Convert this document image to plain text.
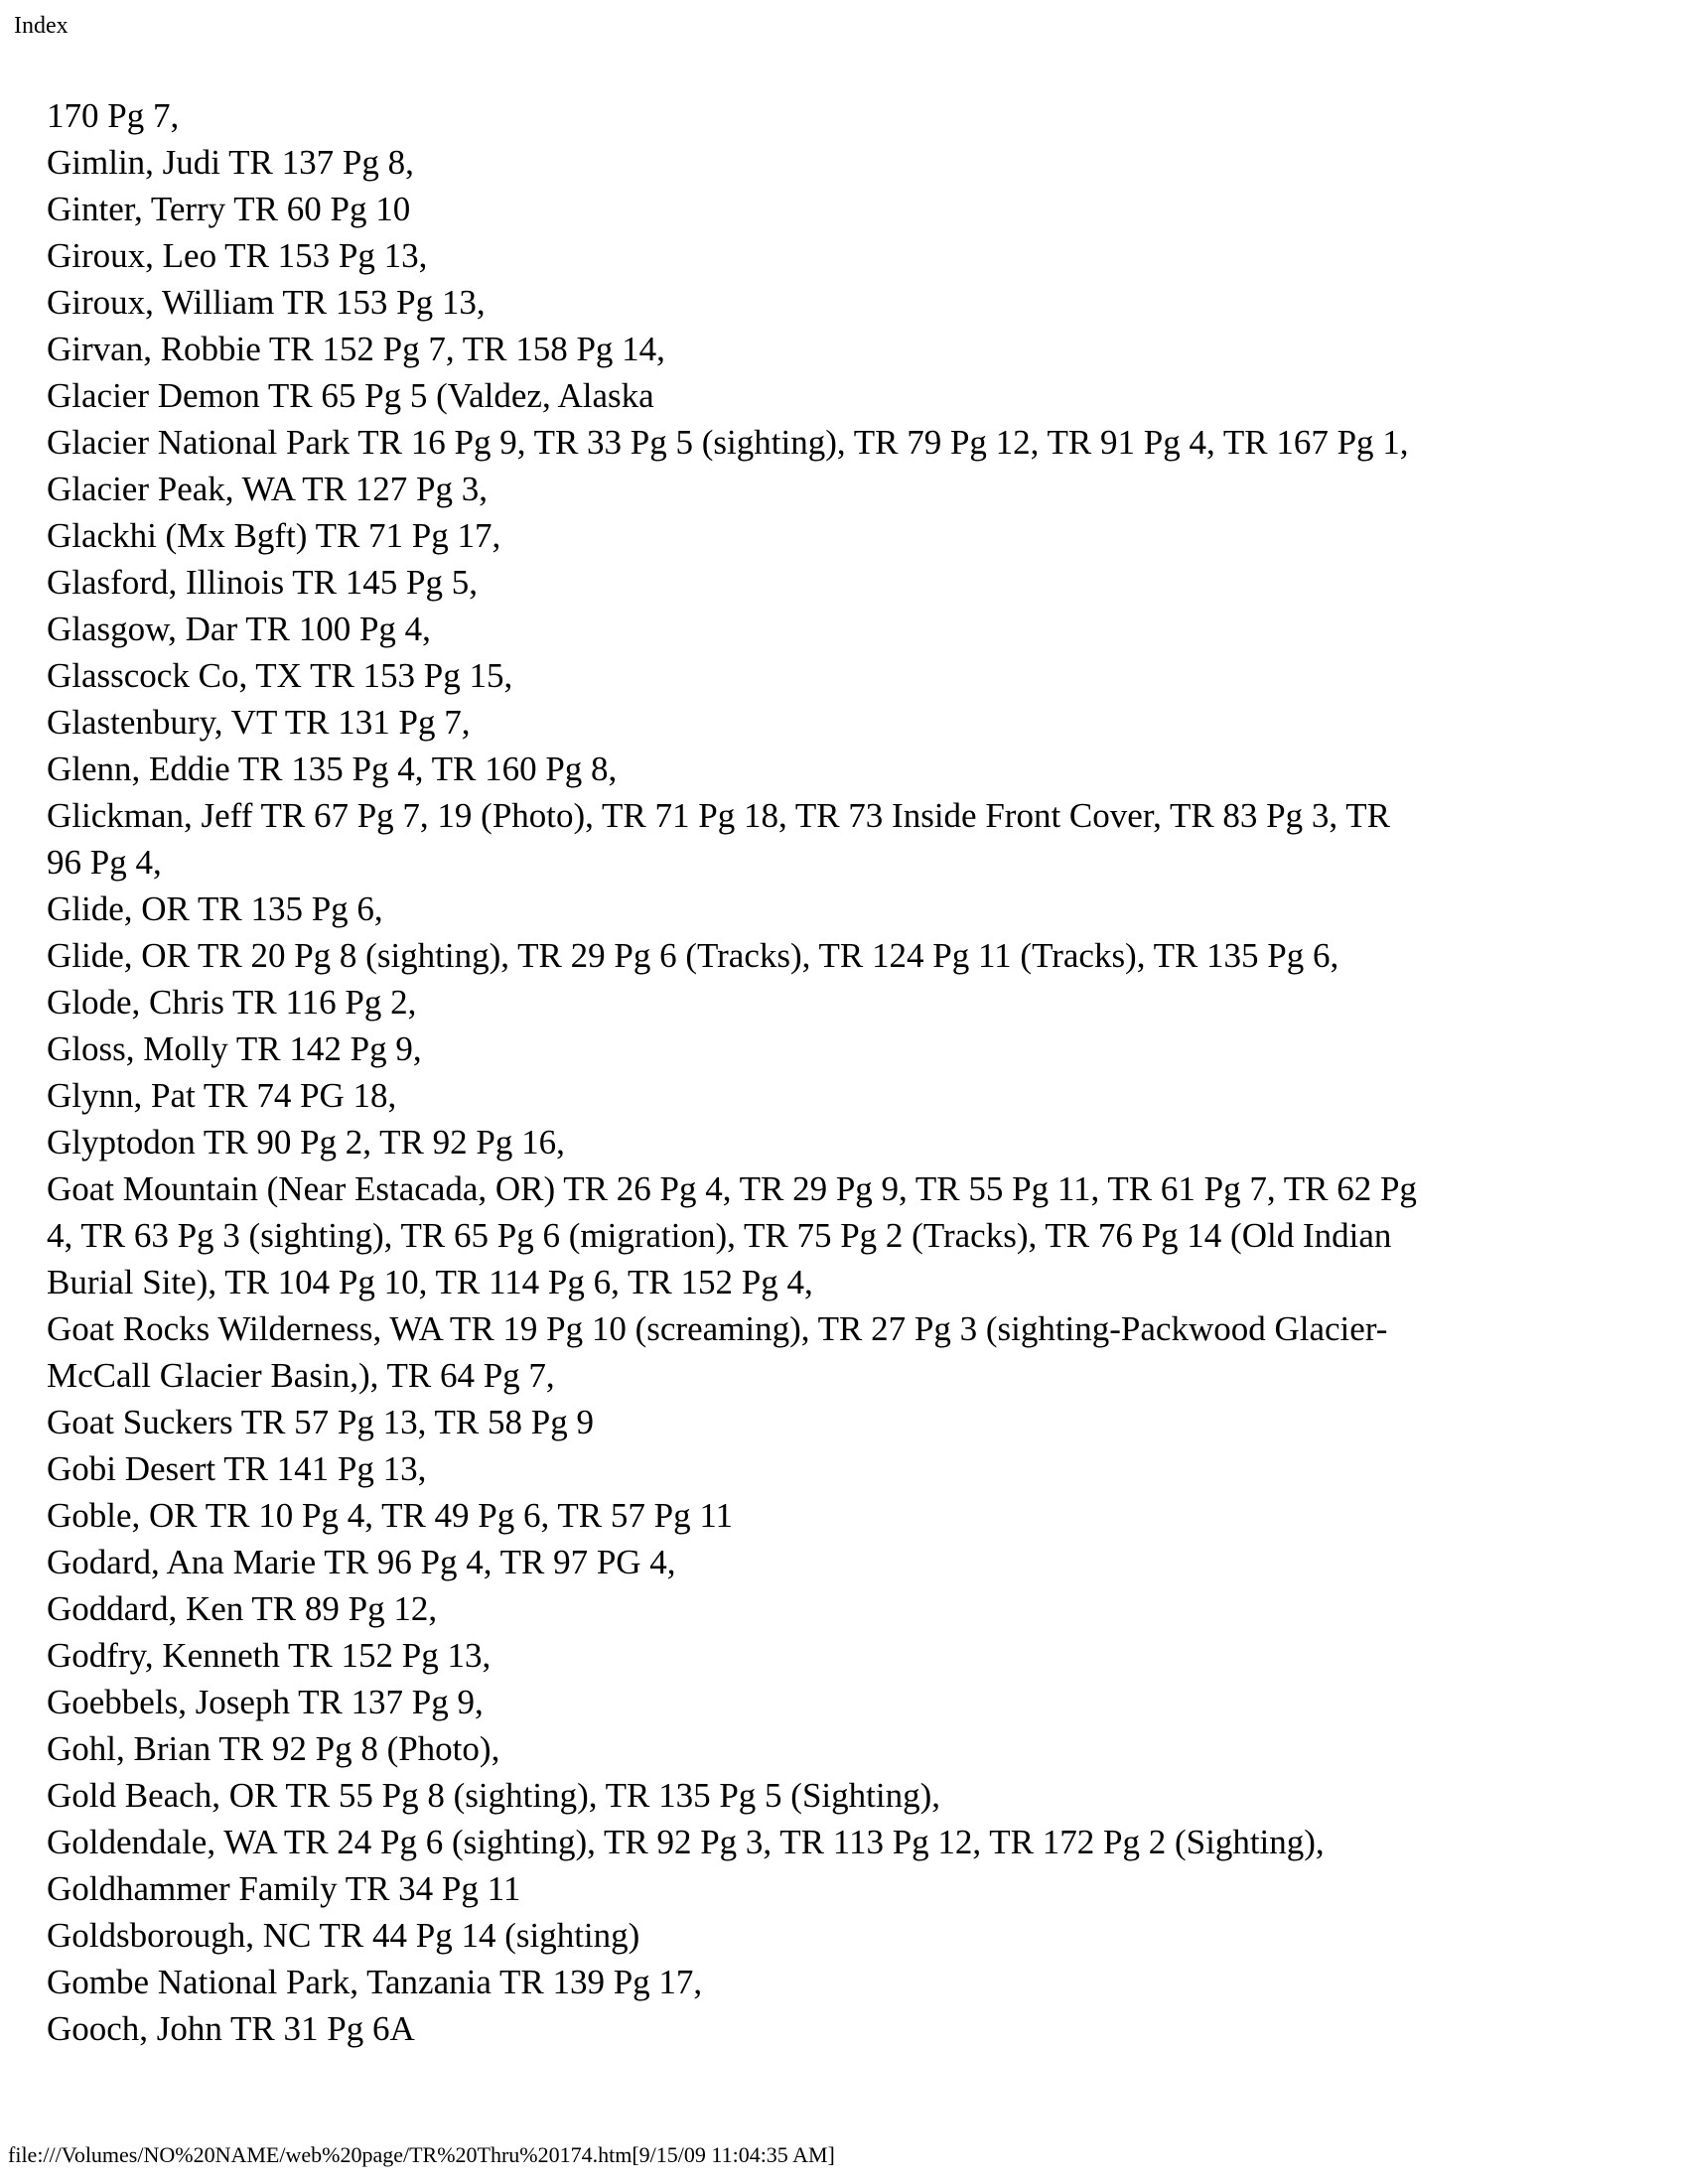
Index
170 Pg 7,
Gimlin, Judi TR 137 Pg 8,
Ginter, Terry TR 60 Pg 10
Giroux, Leo TR 153 Pg 13,
Giroux, William TR 153 Pg 13,
Girvan, Robbie TR 152 Pg 7, TR 158 Pg 14,
Glacier Demon TR 65 Pg 5 (Valdez, Alaska
Glacier National Park TR 16 Pg 9, TR 33 Pg 5 (sighting), TR 79 Pg 12, TR 91 Pg 4, TR 167 Pg 1,
Glacier Peak, WA TR 127 Pg 3,
Glackhi (Mx Bgft) TR 71 Pg 17,
Glasford, Illinois TR 145 Pg 5,
Glasgow, Dar TR 100 Pg 4,
Glasscock Co, TX TR 153 Pg 15,
Glastenbury, VT TR 131 Pg 7,
Glenn, Eddie TR 135 Pg 4, TR 160 Pg 8,
Glickman, Jeff TR 67 Pg 7, 19 (Photo), TR 71 Pg 18, TR 73 Inside Front Cover, TR 83 Pg 3, TR
96 Pg 4,
Glide, OR TR 135 Pg 6,
Glide, OR TR 20 Pg 8 (sighting), TR 29 Pg 6 (Tracks), TR 124 Pg 11 (Tracks), TR 135 Pg 6,
Glode, Chris TR 116 Pg 2,
Gloss, Molly TR 142 Pg 9,
Glynn, Pat TR 74 PG 18,
Glyptodon TR 90 Pg 2, TR 92 Pg 16,
Goat Mountain (Near Estacada, OR) TR 26 Pg 4, TR 29 Pg 9, TR 55 Pg 11, TR 61 Pg 7, TR 62 Pg
4, TR 63 Pg 3 (sighting), TR 65 Pg 6 (migration), TR 75 Pg 2 (Tracks), TR 76 Pg 14 (Old Indian
Burial Site), TR 104 Pg 10, TR 114 Pg 6, TR 152 Pg 4,
Goat Rocks Wilderness, WA TR 19 Pg 10 (screaming), TR 27 Pg 3 (sighting-Packwood Glacier-
McCall Glacier Basin,), TR 64 Pg 7,
Goat Suckers TR 57 Pg 13, TR 58 Pg 9
Gobi Desert TR 141 Pg 13,
Goble, OR TR 10 Pg 4, TR 49 Pg 6, TR 57 Pg 11
Godard, Ana Marie TR 96 Pg 4, TR 97 PG 4,
Goddard, Ken TR 89 Pg 12,
Godfry, Kenneth TR 152 Pg 13,
Goebbels, Joseph TR 137 Pg 9,
Gohl, Brian TR 92 Pg 8 (Photo),
Gold Beach, OR TR 55 Pg 8 (sighting), TR 135 Pg 5 (Sighting),
Goldendale, WA TR 24 Pg 6 (sighting), TR 92 Pg 3, TR 113 Pg 12, TR 172 Pg 2 (Sighting),
Goldhammer Family TR 34 Pg 11
Goldsborough, NC TR 44 Pg 14 (sighting)
Gombe National Park, Tanzania TR 139 Pg 17,
Gooch, John TR 31 Pg 6A
file:///Volumes/NO%20NAME/web%20page/TR%20Thru%20174.htm[9/15/09 11:04:35 AM]
